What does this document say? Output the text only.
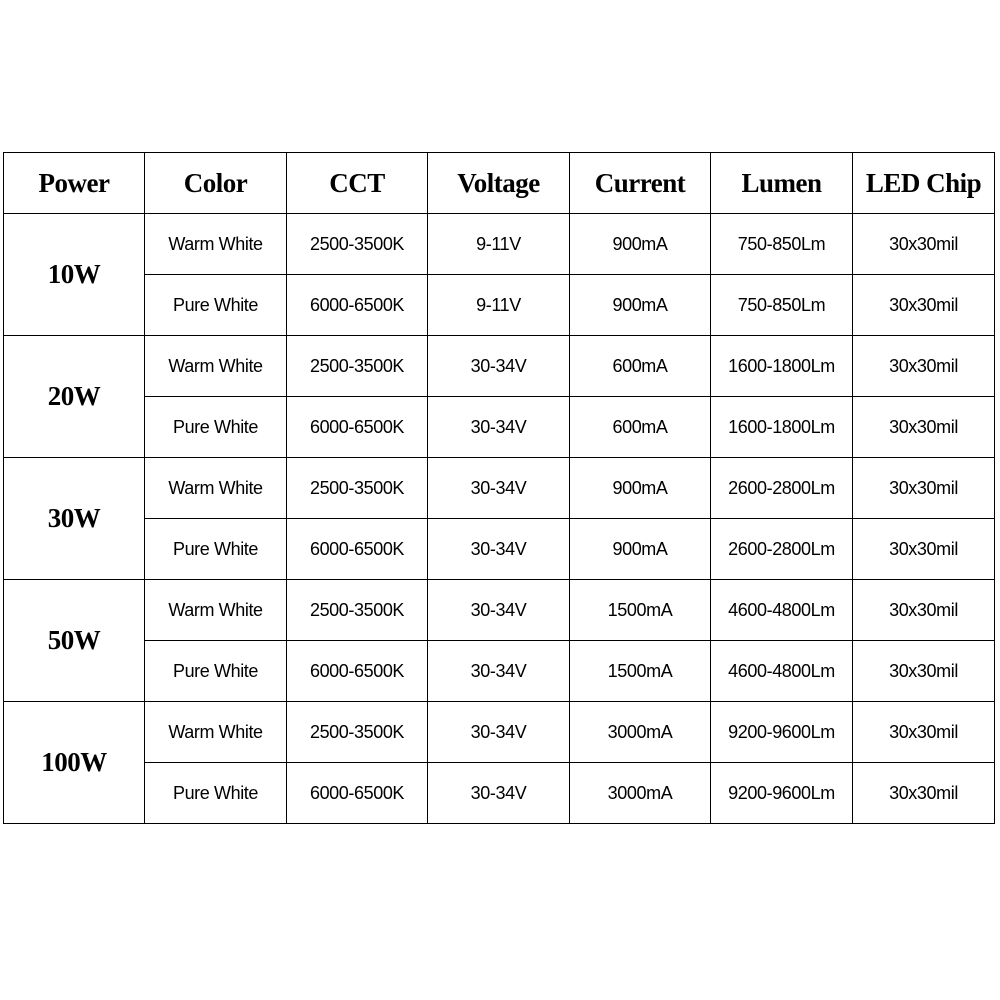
Power	Color	CCT	Voltage	Current	Lumen	LED Chip
10W	Warm White	2500-3500K	9-11V	900mA	750-850Lm	30x30mil
	Pure White	6000-6500K	9-11V	900mA	750-850Lm	30x30mil
20W	Warm White	2500-3500K	30-34V	600mA	1600-1800Lm	30x30mil
	Pure White	6000-6500K	30-34V	600mA	1600-1800Lm	30x30mil
30W	Warm White	2500-3500K	30-34V	900mA	2600-2800Lm	30x30mil
	Pure White	6000-6500K	30-34V	900mA	2600-2800Lm	30x30mil
50W	Warm White	2500-3500K	30-34V	1500mA	4600-4800Lm	30x30mil
	Pure White	6000-6500K	30-34V	1500mA	4600-4800Lm	30x30mil
100W	Warm White	2500-3500K	30-34V	3000mA	9200-9600Lm	30x30mil
	Pure White	6000-6500K	30-34V	3000mA	9200-9600Lm	30x30mil
